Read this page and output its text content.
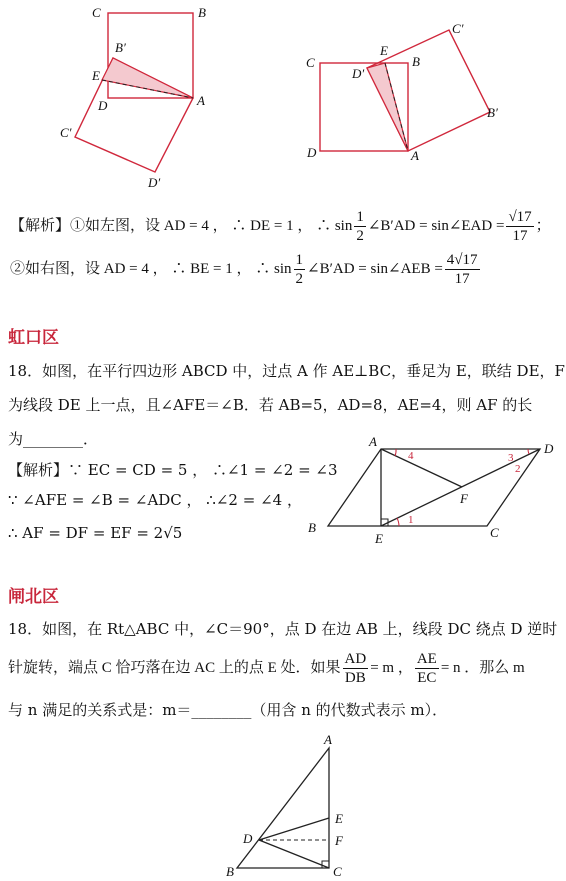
C	B
B′
E
D	A
C′
D′
C
E
C′
D′
B
B′
D	A
【解析】①如左图，设 AD = 4 ， ∴ DE = 1 ， ∴ $\sin \frac{1}{2}$ ∠B′AD = sin∠EAD = $\frac{√17}{17}$ ；
②如右图，设 AD = 4 ， ∴ BE = 1 ， ∴ $\sin \frac{1}{2}$ ∠B′AD = sin∠AEB = $\frac{4√17}{17}$
虹口区
18．如图，在平行四边形 ABCD 中，过点 A 作 AE⊥BC，垂足为 E，联结 DE，F
为线段 DE 上一点，且∠AFE＝∠B．若 AB=5，AD=8，AE=4，则 AF 的长
为________．
【解析】∵ EC = CD = 5 ， ∴∠1 = ∠2 = ∠3
∵ ∠AFE = ∠B = ∠ADC ， ∴∠2 = ∠4 ，
∴ AF = DF = EF = 2√5
A	D
B
E	C
F
1
2
3
4
闸北区
18．如图，在 Rt△ABC 中，∠C＝90°，点 D 在边 AB 上，线段 DC 绕点 D 逆时
针旋转，端点 C 恰巧落在边 AC 上的点 E 处．如果 $\frac{AD}{DB} = m$ ， $\frac{AE}{EC} = n$ ．那么 m
与 n 满足的关系式是：m＝________（用含 n 的代数式表示 m）．
A
E
D	F
B	C
